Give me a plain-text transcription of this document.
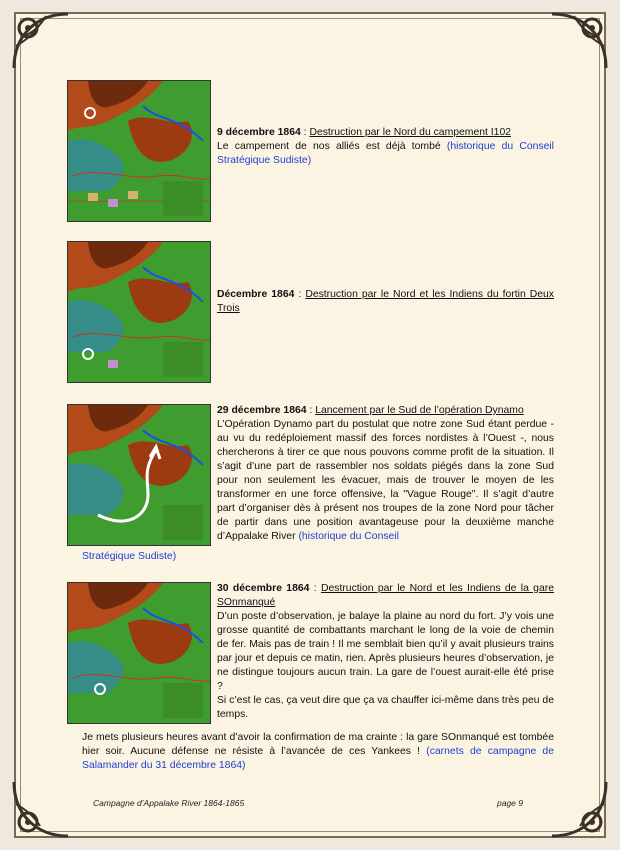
9 décembre 1864 : Destruction par le Nord du campement I102

Le campement de nos alliés est déjà tombé (historique du Conseil Stratégique Sudiste)

Décembre 1864 : Destruction par le Nord et les Indiens du fortin Deux Trois

29 décembre 1864 : Lancement par le Sud de l’opération Dynamo

L’Opération Dynamo part du postulat que notre zone Sud étant perdue - au vu du redéploiement massif des forces nordistes à l’Ouest -, nous chercherons à tirer ce que nous pouvons comme profit de la situation. Il s’agit d’une part de rassembler nos soldats piégés dans la zone Sud pour non seulement les évacuer, mais de trouver le moyen de les transformer en une force offensive, la "Vague Rouge". Il s’agit d’autre part d’organiser dès à présent nos troupes de la zone Nord pour tâcher de partir dans une position avantageuse pour la deuxième manche d’Appalake River (historique du Conseil

Stratégique Sudiste)

30 décembre 1864 : Destruction par le Nord et les Indiens de la gare SOnmanqué

D’un poste d’observation, je balaye la plaine au nord du fort. J’y vois une grosse quantité de combattants marchant le long de la voie de chemin de fer. Mais pas de train ! Il me semblait bien qu’il y avait plusieurs trains par jour et depuis ce matin, rien. Après plusieurs heures d’observation, je ne distingue toujours aucun train. La gare de l’ouest aurait-elle été prise ?

Si c’est le cas, ça veut dire que ça va chauffer ici-même dans très peu de temps.

Je mets plusieurs heures avant d’avoir la confirmation de ma crainte : la gare SOnmanqué est tombée hier soir. Aucune défense ne résiste à l’avancée de ces Yankees ! (carnets de campagne de Salamander du 31 décembre 1864)

Campagne d’Appalake River 1864-1865	page 9
